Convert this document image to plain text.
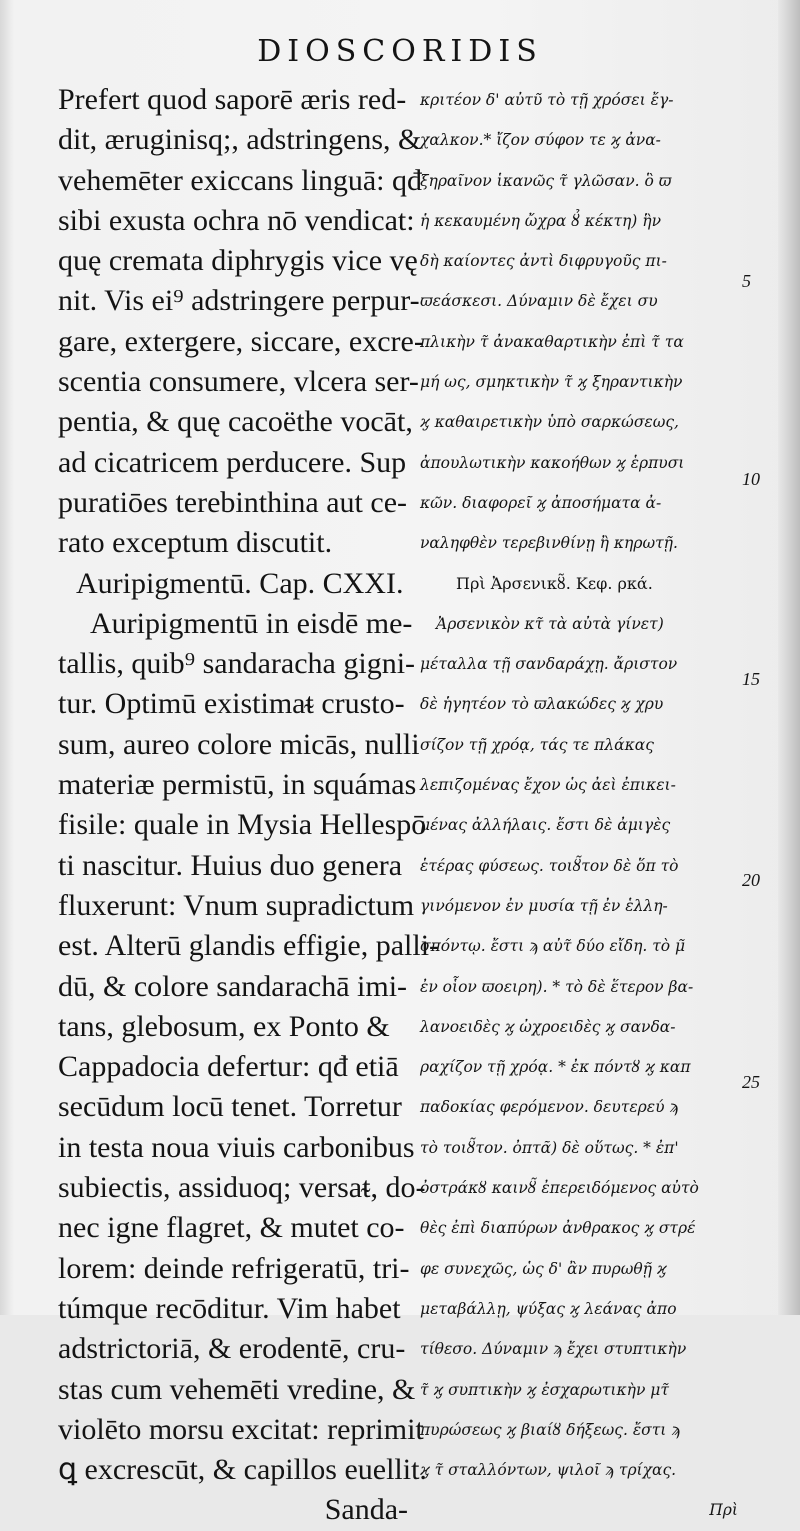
DIOSCORIDIS
Prefert quod saporē æris red-
dit, æruginisq;, adstringens, &
vehemēter exiccans linguā: qđ
sibi exusta ochra nō vendicat:
quę cremata diphrygis vice vę
nit. Vis ei⁹ adstringere perpur-
gare, extergere, siccare, excre-
scentia consumere, vlcera ser-
pentia, & quę cacoëthe vocāt,
ad cicatricem perducere. Sup
puratiōes terebinthina aut ce-
rato exceptum discutit.
Auripigmentū. Cap. CXXI.
Auripigmentū in eisdē me-
tallis, quib⁹ sandaracha gigni-
tur. Optimū existimaᵵ crusto-
sum, aureo colore micās, nulli
materiæ permistū, in squámas
fisile: quale in Mysia Hellespō
ti nascitur. Huius duo genera
fluxerunt: Vnum supradictum
est. Alterū glandis effigie, palli-
dū, & colore sandarachā imi-
tans, glebosum, ex Ponto &
Cappadocia defertur: qđ etiā
secūdum locū tenet. Torretur
in testa noua viuis carbonibus
subiectis, assiduoq; versaᵵ, do-
nec igne flagret, & mutet co-
lorem: deinde refrigeratū, tri-
túmque recōditur. Vim habet
adstrictoriā, & erodentē, cru-
stas cum vehemēti vredine, &
violēto morsu excitat: reprimit
ꝗ excrescūt, & capillos euellit.
Sanda-
κριτέον δ' αὐτῦ τὸ τῇ χρόσει ἔγ-
χαλκον.* ἴζον σύφον τε ϗ ἀνα-
ξηραῖνον ἱκανῶς τ̃ γλῶσαν. ὃ ϖ
ἡ κεκαυμένη ὤχρα ȣ̉ κέκτη) ἣν
δὴ καίοντες ἀντὶ διφρυγοῦς πι-
ϖεάσκεσι. Δύναμιν δὲ ἔχει συ
πλικὴν τ̃ ἀνακαθαρτικὴν ἐπὶ τ̃ τα
μή ως, σμηκτικὴν τ̃ ϗ ξηραντικὴν
ϗ καθαιρετικὴν ὑπὸ σαρκώσεως,
ἀπουλωτικὴν κακοήθων ϗ ἑρπυσι
κῶν. διαφορεῖ ϗ ἀποσήματα ἀ-
ναληφθὲν τερεβινθίνῃ ἢ κηρωτῇ.
Πρὶ Ἀρσενικȣ̃. Κεφ. ρκά.
Ἀρσενικὸν κτ̃ τὰ αὐτὰ γίνετ)
μέταλλα τῇ σανδαράχῃ. ἄριστον
δὲ ἡγητέον τὸ ϖλακώδες ϗ χρυ
σίζον τῇ χρόᾳ, τάς τε πλάκας
λεπιζομένας ἔχον ὡς ἀεὶ ἐπικει-
μένας ἀλλήλαις. ἔστι δὲ ἀμιγὲς
ἑτέρας φύσεως. τοιȣ̃τον δὲ ὅπ τὸ
γινόμενον ἐν μυσία τῇ ἐν ἑλλη-
σπόντῳ. ἔστι ϡ αὐτ̃ δύο εἴδη. τὸ μ̃
ἐν οἷον ϖοειρη). * τὸ δὲ ἕτερον βα-
λανοειδὲς ϗ ὠχροειδὲς ϗ σανδα-
ραχίζον τῇ χρόᾳ. * ἐκ πόντȣ ϗ καπ
παδοκίας φερόμενον. δευτερεύ ϡ
τὸ τοιȣ̃τον. ὀπτᾶ) δὲ οὕτως. * ἐπ'
ὀστράκȣ καινȣ̃ ἐπερειδόμενος αὐτὸ
θὲς ἐπὶ διαπύρων ἀνθρακος ϗ στρέ
φε συνεχῶς, ὡς δ' ἂν πυρωθῇ ϗ
μεταβάλλῃ, ψύξας ϗ λεάνας ἀπο
τίθεσο. Δύναμιν ϡ ἔχει στυπτικὴν
τ̃ ϗ συπτικὴν ϗ ἐσχαρωτικὴν μτ̃
πυρώσεως ϗ βιαίȣ δήξεως. ἔστι ϡ
ϗ τ̃ σταλλόντων, ψιλοῖ ϡ τρίχας.
Πρὶ
5
10
15
20
25
